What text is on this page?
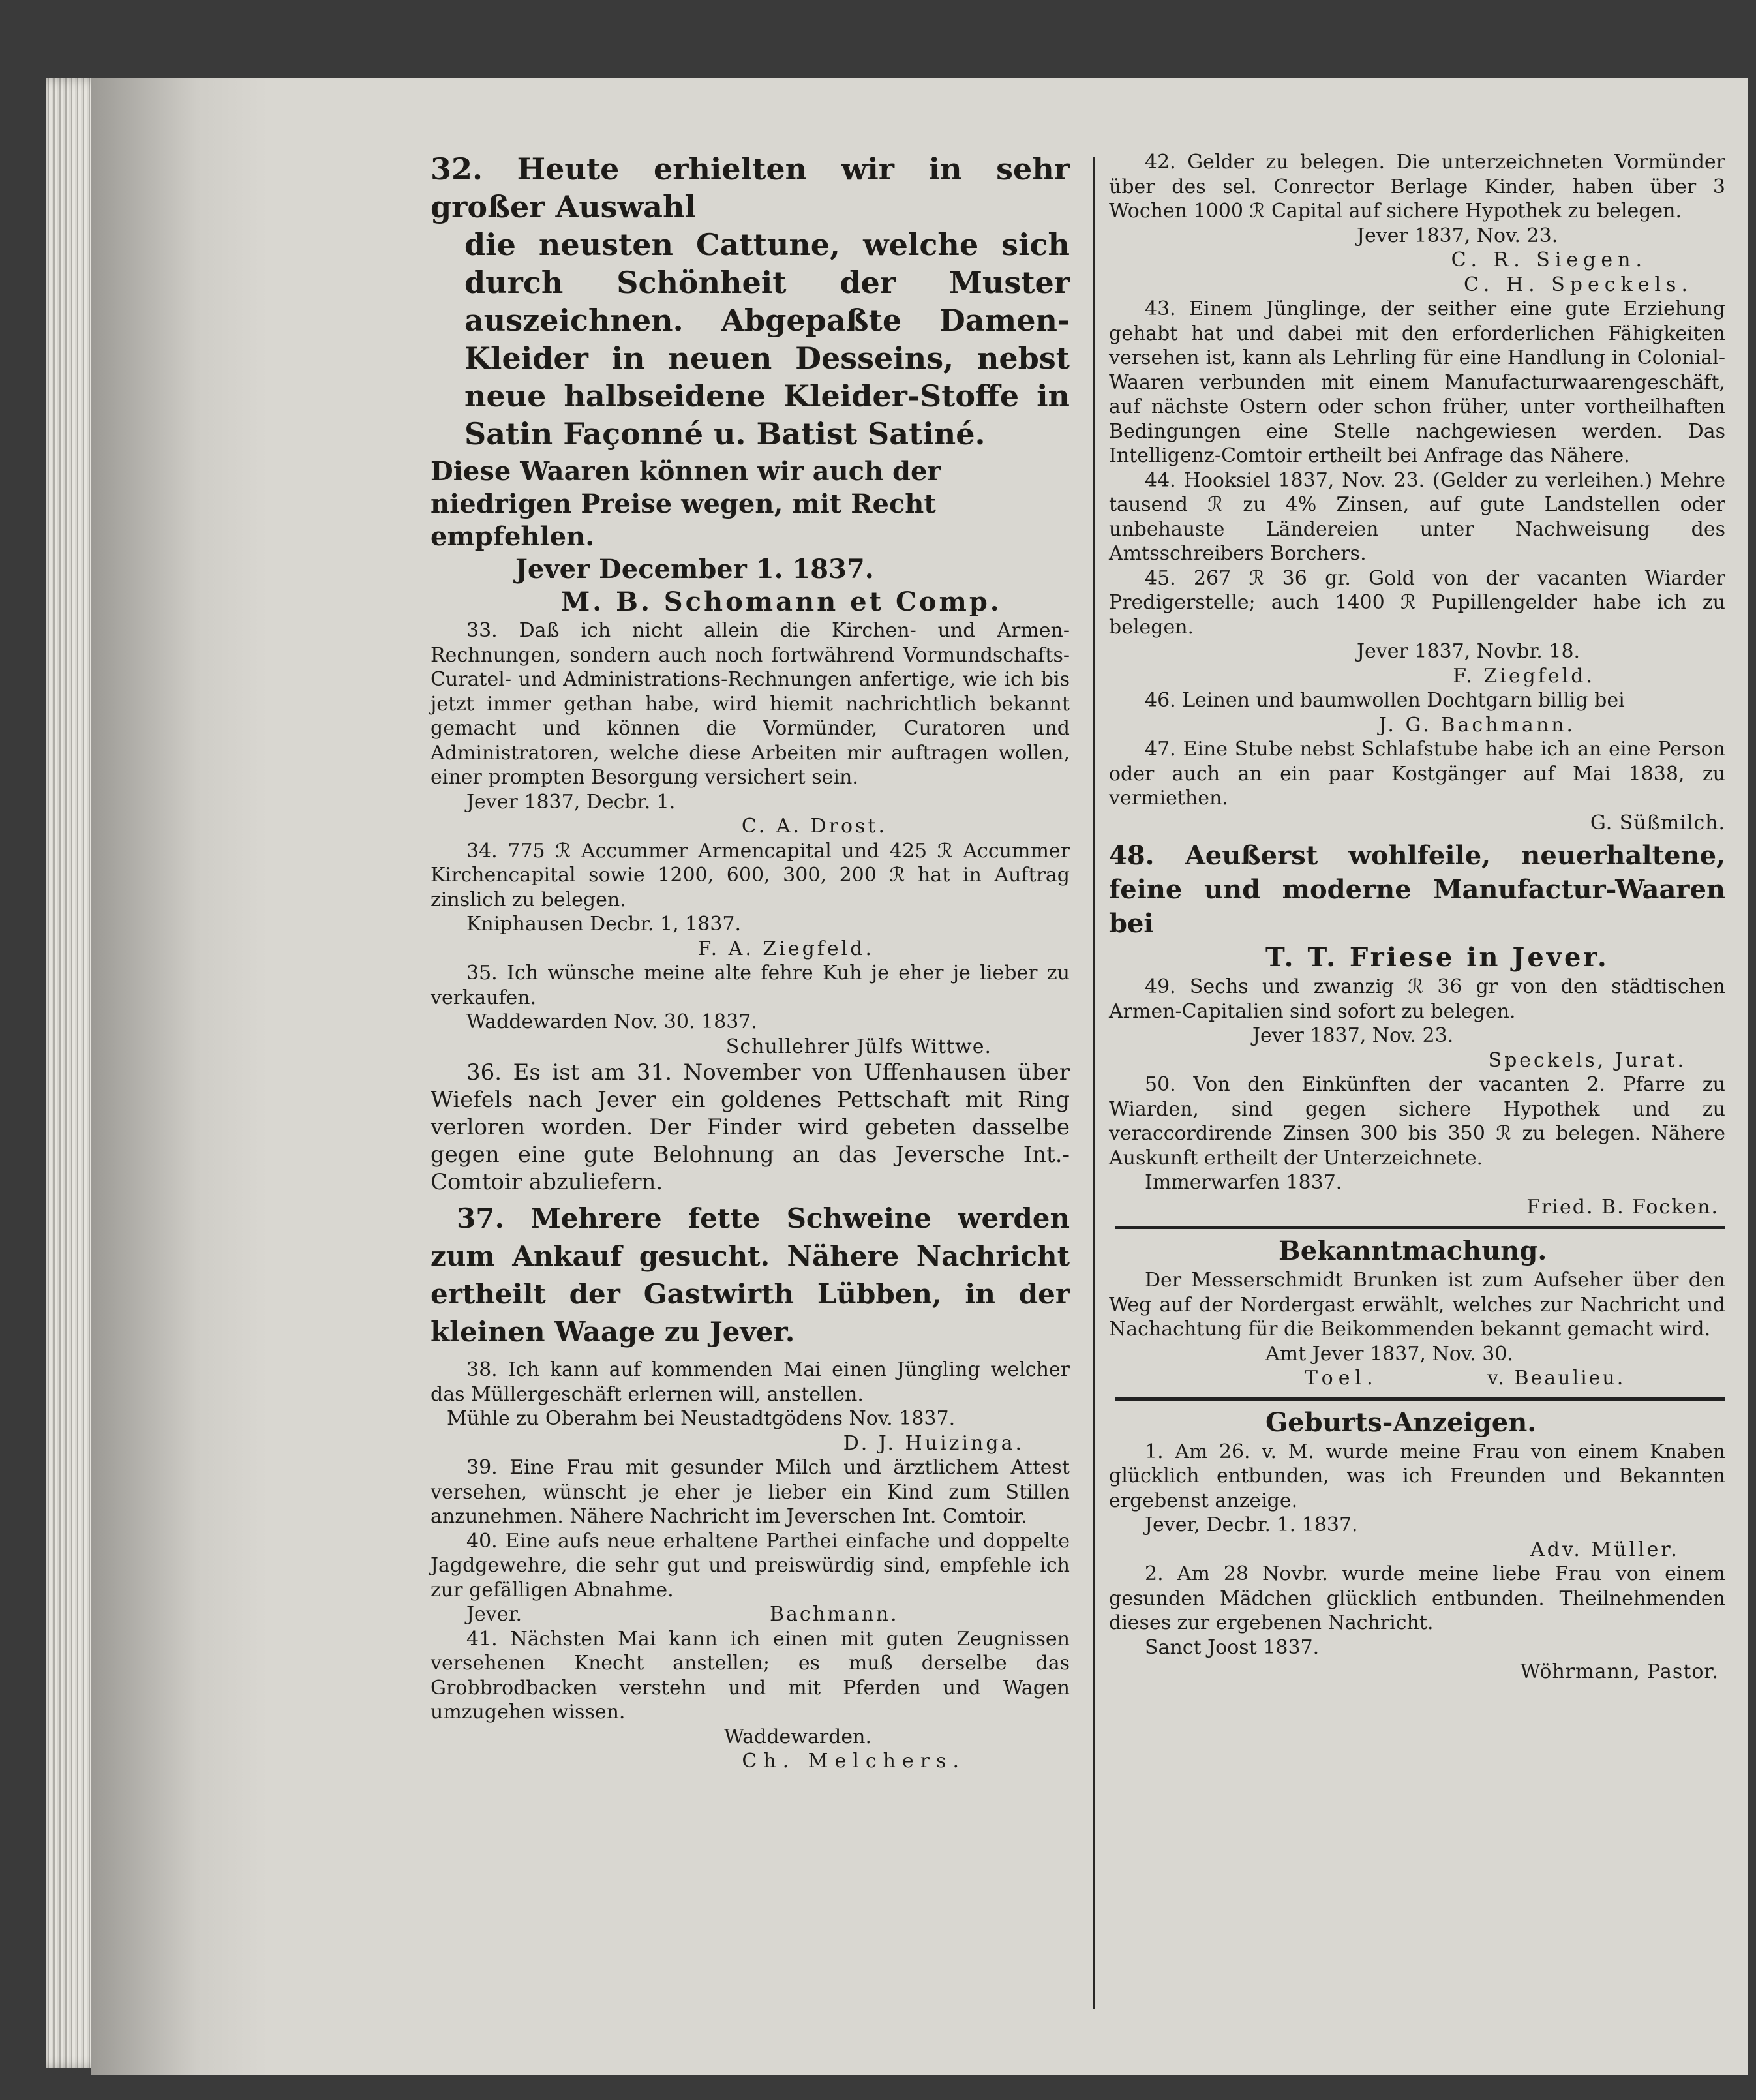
32. Heute erhielten wir in sehr großer Auswahl

die neusten Cattune, welche sich durch Schönheit der Muster auszeichnen. Abgepaßte Damen-Kleider in neuen Desseins, nebst neue halbseidene Kleider-Stoffe in Satin Façonné u. Batist Satiné.

Diese Waaren können wir auch der niedrigen Preise wegen, mit Recht empfehlen.

Jever December 1. 1837.

M. B. Schomann et Comp.

33. Daß ich nicht allein die Kirchen- und Armen-Rechnungen, sondern auch noch fortwährend Vormundschafts-Curatel- und Administrations-Rechnungen anfertige, wie ich bis jetzt immer gethan habe, wird hiemit nachrichtlich bekannt gemacht und können die Vormünder, Curatoren und Administratoren, welche diese Arbeiten mir auftragen wollen, einer prompten Besorgung versichert sein.

Jever 1837, Decbr. 1.

C. A. Drost.

34. 775 ℛ Accummer Armencapital und 425 ℛ Accummer Kirchencapital sowie 1200, 600, 300, 200 ℛ hat in Auftrag zinslich zu belegen.

Kniphausen Decbr. 1, 1837.

F. A. Ziegfeld.

35. Ich wünsche meine alte fehre Kuh je eher je lieber zu verkaufen.

Waddewarden Nov. 30. 1837.

Schullehrer Jülfs Wittwe.

36. Es ist am 31. November von Uffenhausen über Wiefels nach Jever ein goldenes Pettschaft mit Ring verloren worden. Der Finder wird gebeten dasselbe gegen eine gute Belohnung an das Jeversche Int.-Comtoir abzuliefern.

37. Mehrere fette Schweine werden zum Ankauf gesucht. Nähere Nachricht ertheilt der Gastwirth Lübben, in der kleinen Waage zu Jever.

38. Ich kann auf kommenden Mai einen Jüngling welcher das Müllergeschäft erlernen will, anstellen.

Mühle zu Oberahm bei Neustadtgödens Nov. 1837.

D. J. Huizinga.

39. Eine Frau mit gesunder Milch und ärztlichem Attest versehen, wünscht je eher je lieber ein Kind zum Stillen anzunehmen. Nähere Nachricht im Jeverschen Int. Comtoir.

40. Eine aufs neue erhaltene Parthei einfache und doppelte Jagdgewehre, die sehr gut und preiswürdig sind, empfehle ich zur gefälligen Abnahme.

Jever.	Bachmann.

41. Nächsten Mai kann ich einen mit guten Zeugnissen versehenen Knecht anstellen; es muß derselbe das Grobbrodbacken verstehn und mit Pferden und Wagen umzugehen wissen.

Waddewarden.

Ch. Melchers.

42. Gelder zu belegen. Die unterzeichneten Vormünder über des sel. Conrector Berlage Kinder, haben über 3 Wochen 1000 ℛ Capital auf sichere Hypothek zu belegen.

Jever 1837, Nov. 23.

C. R. Siegen.

C. H. Speckels.

43. Einem Jünglinge, der seither eine gute Erziehung gehabt hat und dabei mit den erforderlichen Fähigkeiten versehen ist, kann als Lehrling für eine Handlung in Colonial-Waaren verbunden mit einem Manufacturwaarengeschäft, auf nächste Ostern oder schon früher, unter vortheilhaften Bedingungen eine Stelle nachgewiesen werden. Das Intelligenz-Comtoir ertheilt bei Anfrage das Nähere.

44. Hooksiel 1837, Nov. 23. (Gelder zu verleihen.) Mehre tausend ℛ zu 4% Zinsen, auf gute Landstellen oder unbehauste Ländereien unter Nachweisung des Amtsschreibers Borchers.

45. 267 ℛ 36 gr. Gold von der vacanten Wiarder Predigerstelle; auch 1400 ℛ Pupillengelder habe ich zu belegen.

Jever 1837, Novbr. 18.

F. Ziegfeld.

46. Leinen und baumwollen Dochtgarn billig bei

J. G. Bachmann.

47. Eine Stube nebst Schlafstube habe ich an eine Person oder auch an ein paar Kostgänger auf Mai 1838, zu vermiethen.

G. Süßmilch.

48. Aeußerst wohlfeile, neuerhaltene, feine und moderne Manufactur-Waaren bei

T. T. Friese in Jever.

49. Sechs und zwanzig ℛ 36 gr von den städtischen Armen-Capitalien sind sofort zu belegen.

Jever 1837, Nov. 23.

Speckels, Jurat.

50. Von den Einkünften der vacanten 2. Pfarre zu Wiarden, sind gegen sichere Hypothek und zu veraccordirende Zinsen 300 bis 350 ℛ zu belegen. Nähere Auskunft ertheilt der Unterzeichnete.

Immerwarfen 1837.

Fried. B. Focken.

Bekanntmachung.

Der Messerschmidt Brunken ist zum Aufseher über den Weg auf der Nordergast erwählt, welches zur Nachricht und Nachachtung für die Beikommenden bekannt gemacht wird.

Amt Jever 1837, Nov. 30.

Toel.	v. Beaulieu.

Geburts-Anzeigen.

1. Am 26. v. M. wurde meine Frau von einem Knaben glücklich entbunden, was ich Freunden und Bekannten ergebenst anzeige.

Jever, Decbr. 1. 1837.

Adv. Müller.

2. Am 28 Novbr. wurde meine liebe Frau von einem gesunden Mädchen glücklich entbunden. Theilnehmenden dieses zur ergebenen Nachricht.

Sanct Joost 1837.

Wöhrmann, Pastor.
